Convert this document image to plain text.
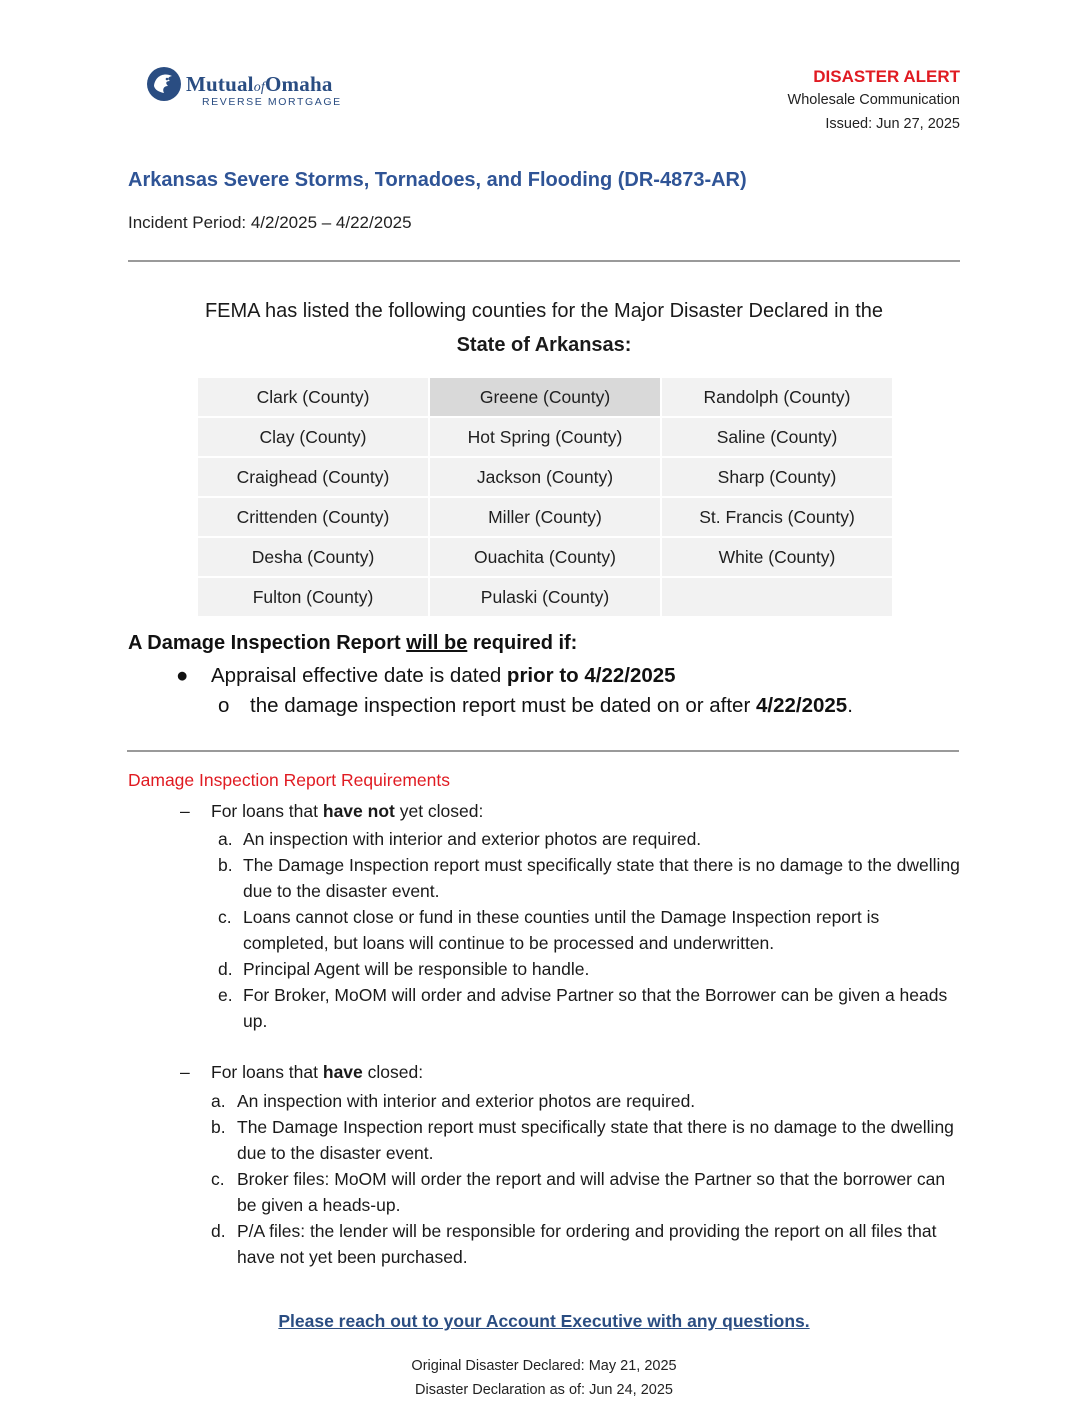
MutualofOmaha
REVERSE MORTGAGE
DISASTER ALERT
Wholesale Communication
Issued: Jun 27, 2025
Arkansas Severe Storms, Tornadoes, and Flooding (DR-4873-AR)
Incident Period: 4/2/2025 – 4/22/2025
FEMA has listed the following counties for the Major Disaster Declared in the
State of Arkansas:
Clark (County)	Greene (County)	Randolph (County)
Clay (County)	Hot Spring (County)	Saline (County)
Craighead (County)	Jackson (County)	Sharp (County)
Crittenden (County)	Miller (County)	St. Francis (County)
Desha (County)	Ouachita (County)	White (County)
Fulton (County)	Pulaski (County)	
A Damage Inspection Report will be required if:
●	Appraisal effective date is dated prior to 4/22/2025
o	the damage inspection report must be dated on or after 4/22/2025.
Damage Inspection Report Requirements
–	For loans that have not yet closed:
a. An inspection with interior and exterior photos are required.
b. The Damage Inspection report must specifically state that there is no damage to the dwelling due to the disaster event.
c. Loans cannot close or fund in these counties until the Damage Inspection report is completed, but loans will continue to be processed and underwritten.
d. Principal Agent will be responsible to handle.
e. For Broker, MoOM will order and advise Partner so that the Borrower can be given a heads up.
–	For loans that have closed:
a. An inspection with interior and exterior photos are required.
b. The Damage Inspection report must specifically state that there is no damage to the dwelling due to the disaster event.
c. Broker files: MoOM will order the report and will advise the Partner so that the borrower can be given a heads-up.
d. P/A files: the lender will be responsible for ordering and providing the report on all files that have not yet been purchased.
Please reach out to your Account Executive with any questions.
Original Disaster Declared: May 21, 2025
Disaster Declaration as of: Jun 24, 2025
